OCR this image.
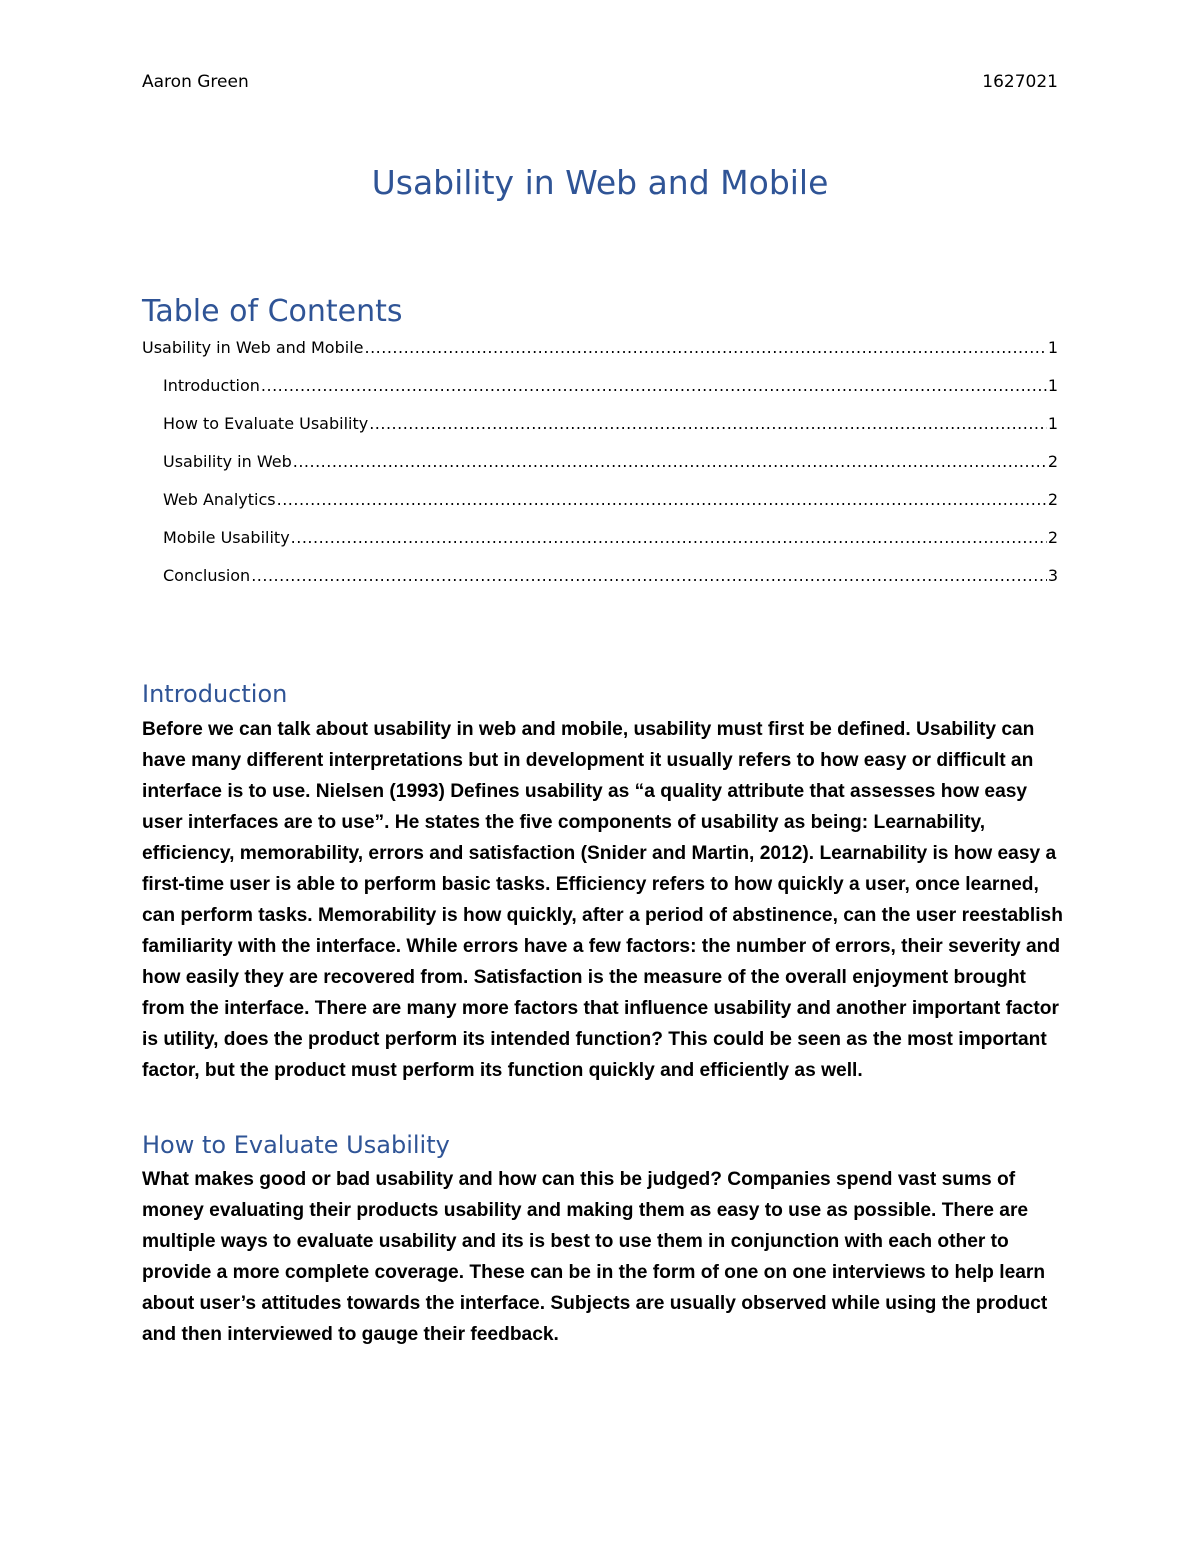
Aaron Green	1627021
Usability in Web and Mobile
Table of Contents
Usability in Web and Mobile .....	1
Introduction .....	1
How to Evaluate Usability .....	1
Usability in Web .....	2
Web Analytics .....	2
Mobile Usability .....	2
Conclusion .....	3
Introduction

Before we can talk about usability in web and mobile, usability must first be defined. Usability can have many different interpretations but in development it usually refers to how easy or difficult an interface is to use. Nielsen (1993) Defines usability as “a quality attribute that assesses how easy user interfaces are to use”. He states the five components of usability as being: Learnability, efficiency, memorability, errors and satisfaction (Snider and Martin, 2012). Learnability is how easy a first-time user is able to perform basic tasks. Efficiency refers to how quickly a user, once learned, can perform tasks. Memorability is how quickly, after a period of abstinence, can the user reestablish familiarity with the interface. While errors have a few factors: the number of errors, their severity and how easily they are recovered from. Satisfaction is the measure of the overall enjoyment brought from the interface. There are many more factors that influence usability and another important factor is utility, does the product perform its intended function? This could be seen as the most important factor, but the product must perform its function quickly and efficiently as well.

How to Evaluate Usability

What makes good or bad usability and how can this be judged? Companies spend vast sums of money evaluating their products usability and making them as easy to use as possible. There are multiple ways to evaluate usability and its is best to use them in conjunction with each other to provide a more complete coverage. These can be in the form of one on one interviews to help learn about user’s attitudes towards the interface. Subjects are usually observed while using the product and then interviewed to gauge their feedback.
